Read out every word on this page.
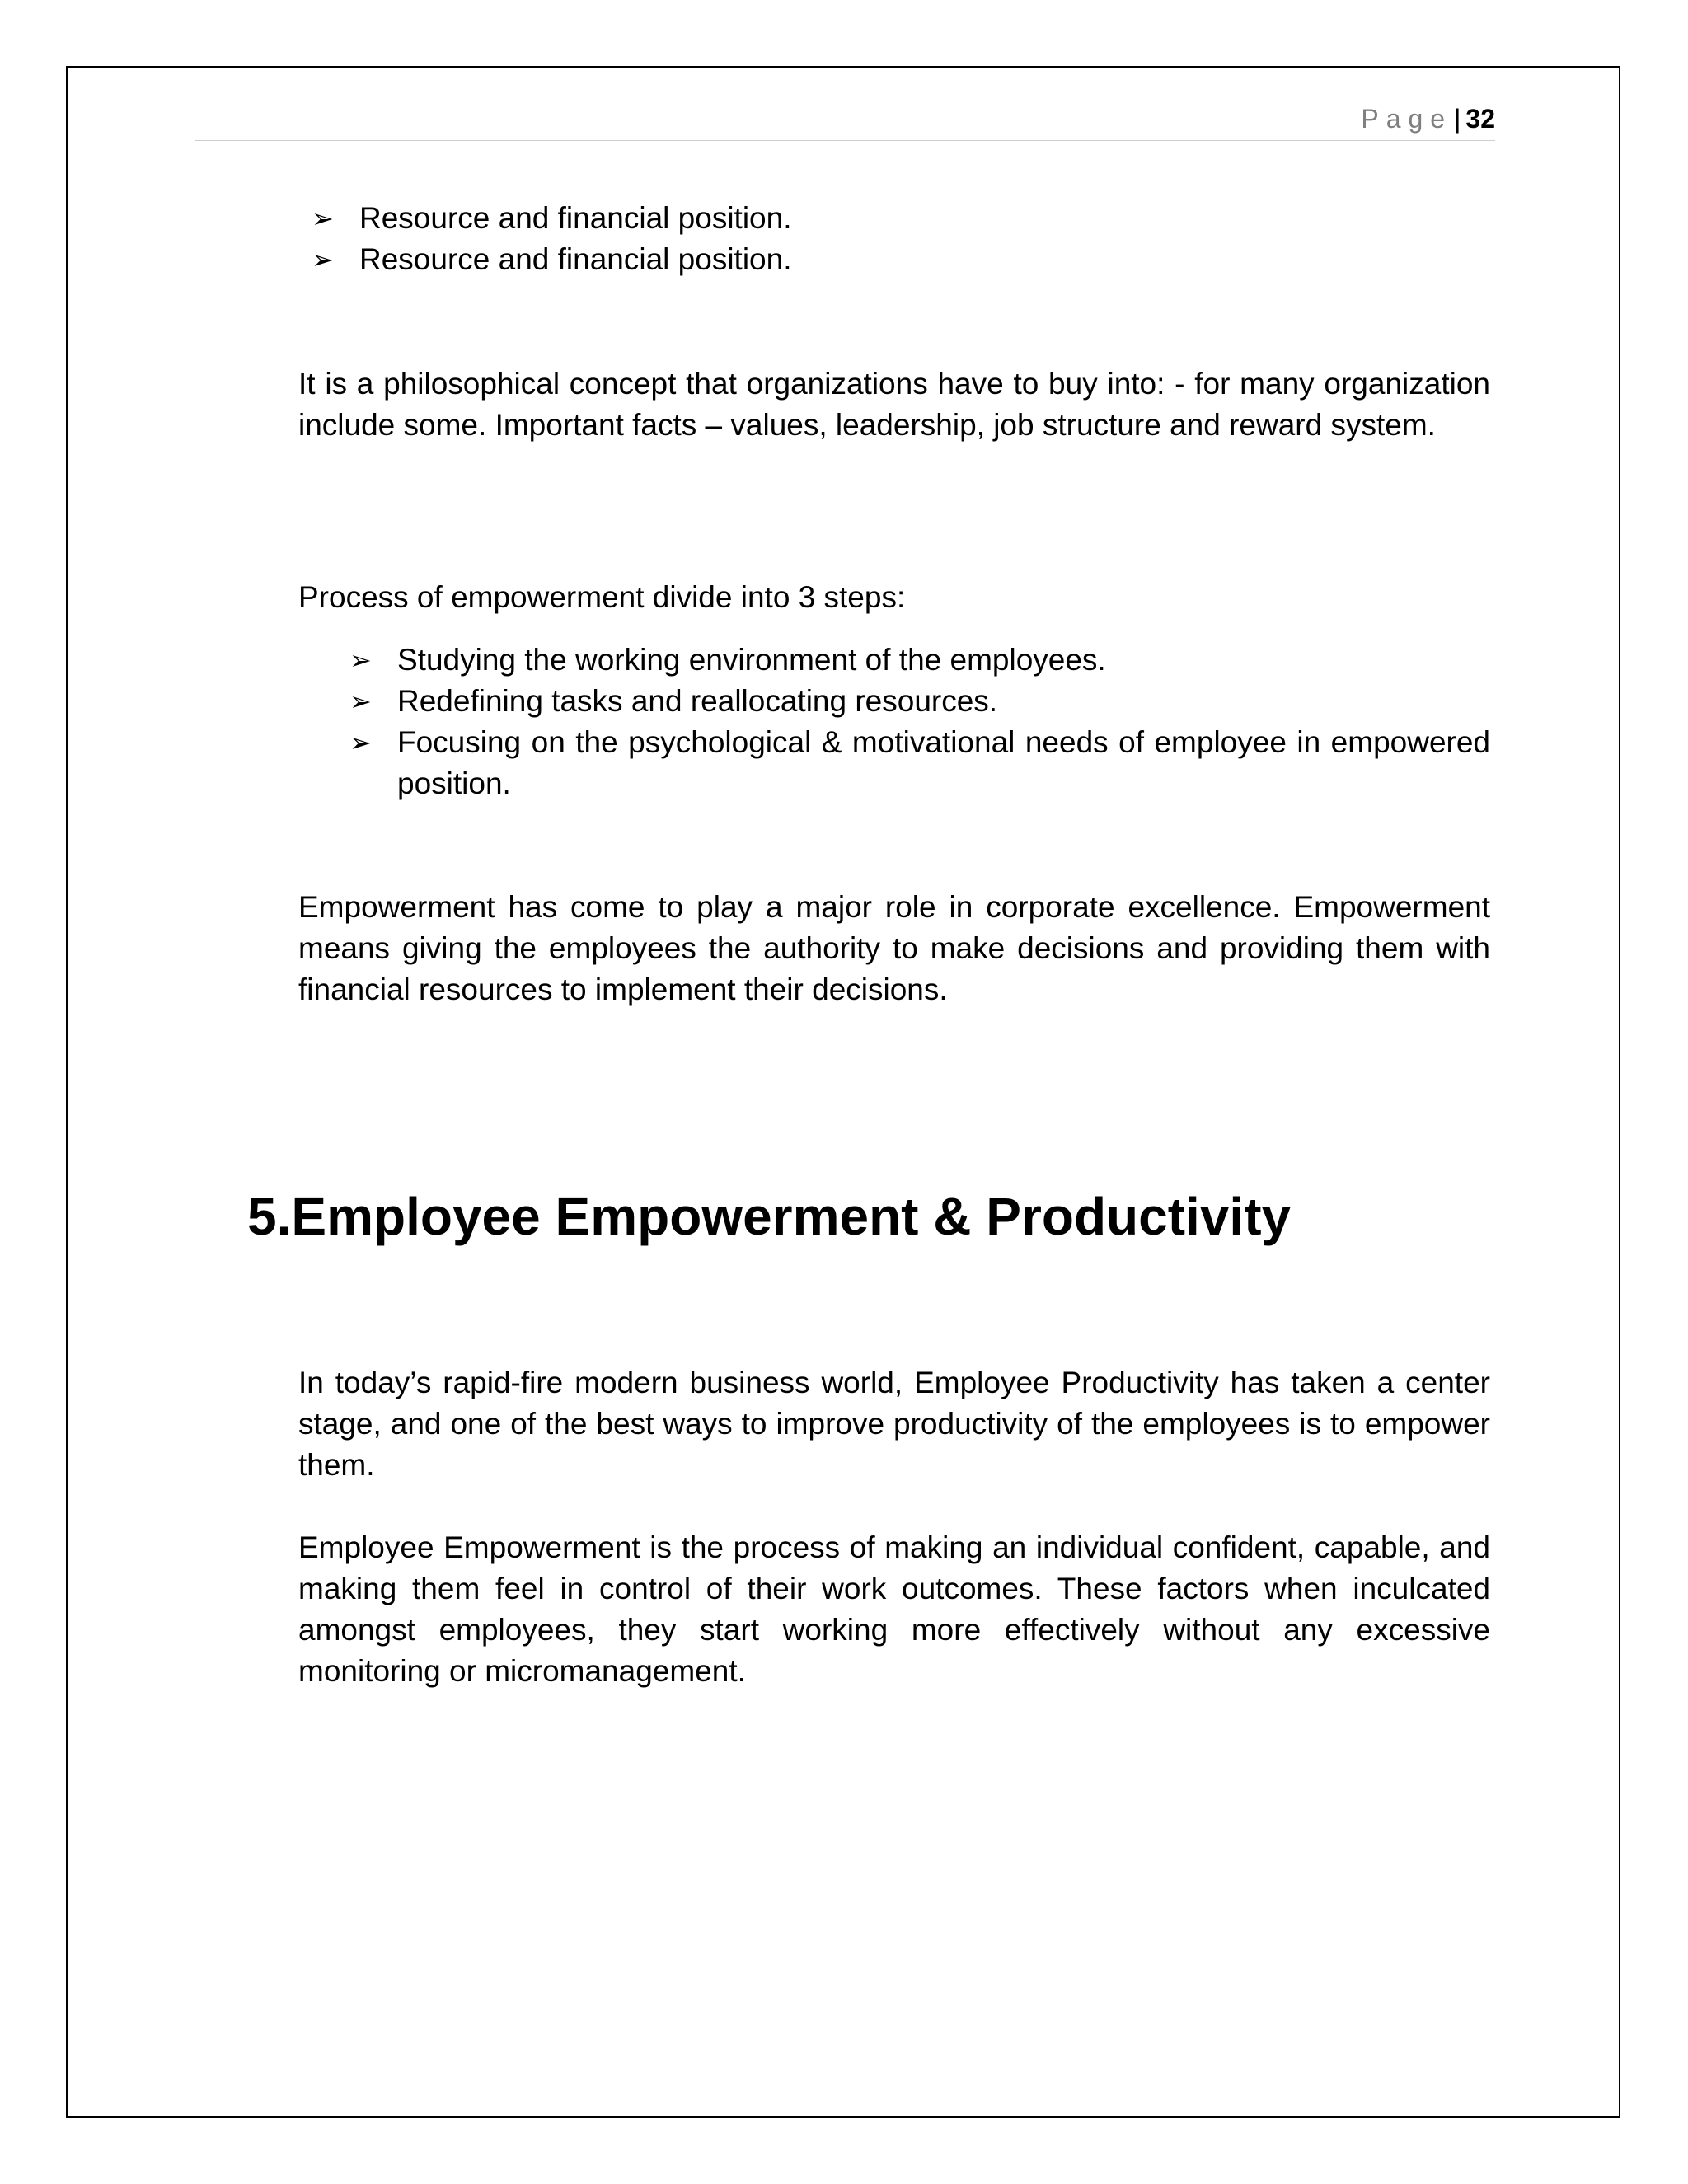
Page| 32
➢ Resource and financial position.
➢ Resource and financial position.

It is a philosophical concept that organizations have to buy into: - for many organization include some. Important facts – values, leadership, job structure and reward system.

Process of empowerment divide into 3 steps:

➢ Studying the working environment of the employees.
➢ Redefining tasks and reallocating resources.
➢ Focusing on the psychological & motivational needs of employee in empowered position.

Empowerment has come to play a major role in corporate excellence. Empowerment means giving the employees the authority to make decisions and providing them with financial resources to implement their decisions.

5.Employee Empowerment & Productivity

In today’s rapid-fire modern business world, Employee Productivity has taken a center stage, and one of the best ways to improve productivity of the employees is to empower them.

Employee Empowerment is the process of making an individual confident, capable, and making them feel in control of their work outcomes. These factors when inculcated amongst employees, they start working more effectively without any excessive monitoring or micromanagement.
